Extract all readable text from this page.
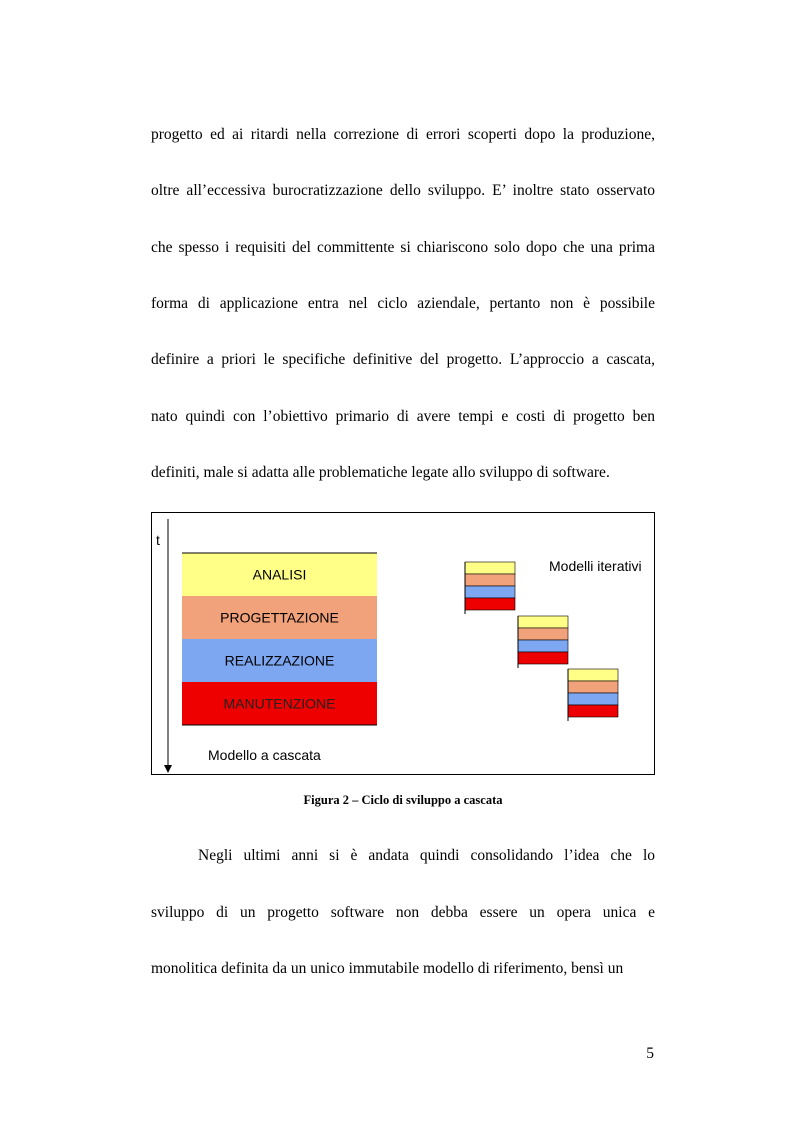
progetto ed ai ritardi nella correzione di errori scoperti dopo la produzione,
oltre all’eccessiva burocratizzazione dello sviluppo. E’ inoltre stato osservato
che spesso i requisiti del committente si chiariscono solo dopo che una prima
forma di applicazione entra nel ciclo aziendale, pertanto non è possibile
definire a priori le specifiche definitive del progetto. L’approccio a cascata,
nato quindi con l’obiettivo primario di avere tempi e costi di progetto ben
definiti, male si adatta alle problematiche legate allo sviluppo di software.
t
ANALISI
PROGETTAZIONE
REALIZZAZIONE
MANUTENZIONE
Modello a cascata
Modelli iterativi
Figura 2 – Ciclo di sviluppo a cascata
Negli ultimi anni si è andata quindi consolidando l’idea che lo
sviluppo di un progetto software non debba essere un opera unica e
monolitica definita da un unico immutabile modello di riferimento, bensì un
5
